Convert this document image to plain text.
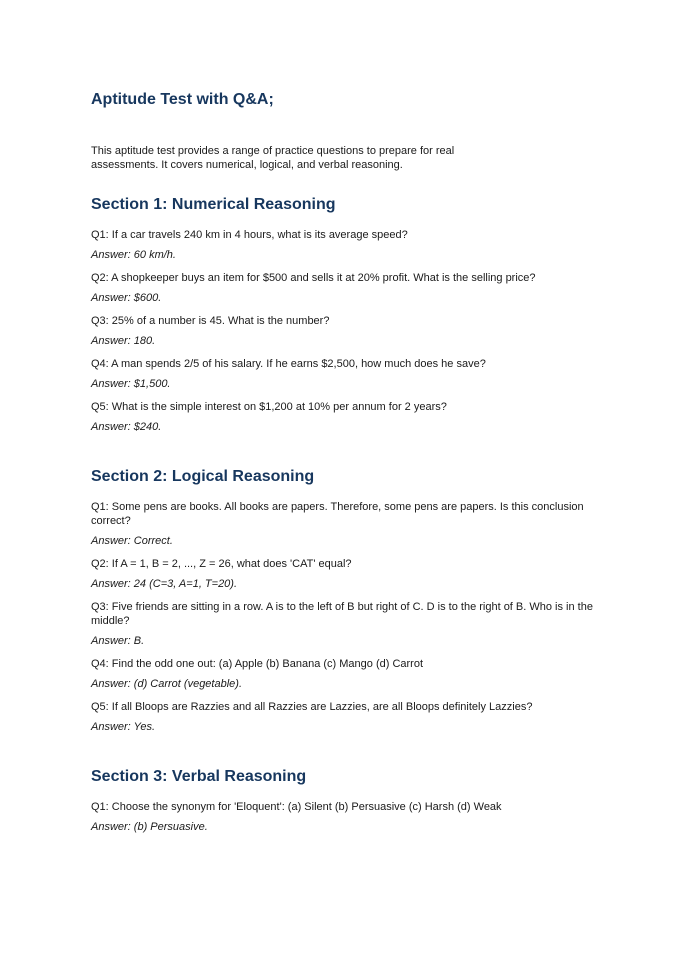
Aptitude Test with Q&A;

This aptitude test provides a range of practice questions to prepare for real assessments. It covers numerical, logical, and verbal reasoning.

Section 1: Numerical Reasoning

Q1: If a car travels 240 km in 4 hours, what is its average speed?

Answer: 60 km/h.

Q2: A shopkeeper buys an item for $500 and sells it at 20% profit. What is the selling price?

Answer: $600.

Q3: 25% of a number is 45. What is the number?

Answer: 180.

Q4: A man spends 2/5 of his salary. If he earns $2,500, how much does he save?

Answer: $1,500.

Q5: What is the simple interest on $1,200 at 10% per annum for 2 years?

Answer: $240.

Section 2: Logical Reasoning

Q1: Some pens are books. All books are papers. Therefore, some pens are papers. Is this conclusion correct?

Answer: Correct.

Q2: If A = 1, B = 2, ..., Z = 26, what does 'CAT' equal?

Answer: 24 (C=3, A=1, T=20).

Q3: Five friends are sitting in a row. A is to the left of B but right of C. D is to the right of B. Who is in the middle?

Answer: B.

Q4: Find the odd one out: (a) Apple (b) Banana (c) Mango (d) Carrot

Answer: (d) Carrot (vegetable).

Q5: If all Bloops are Razzies and all Razzies are Lazzies, are all Bloops definitely Lazzies?

Answer: Yes.

Section 3: Verbal Reasoning

Q1: Choose the synonym for 'Eloquent': (a) Silent (b) Persuasive (c) Harsh (d) Weak

Answer: (b) Persuasive.
